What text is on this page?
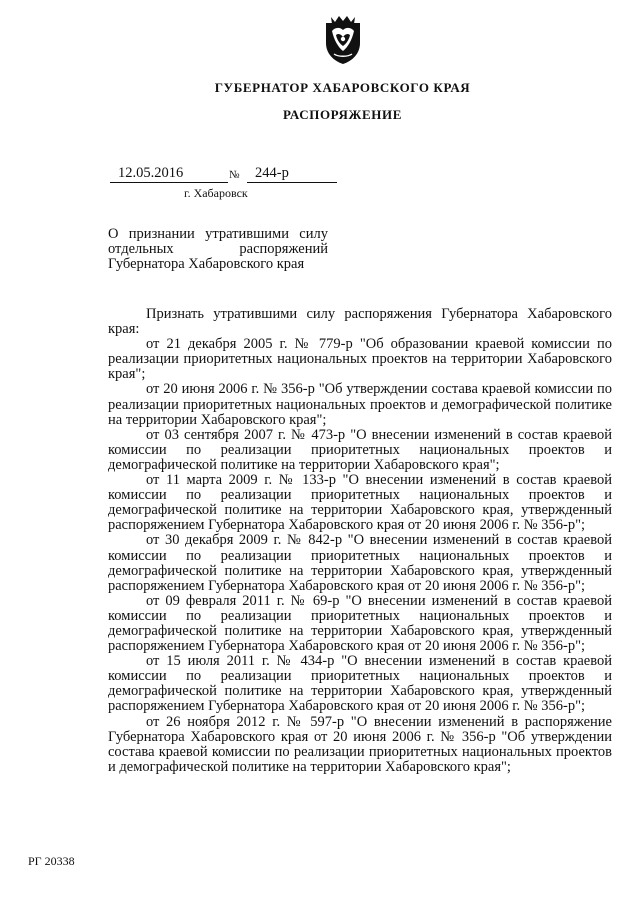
ГУБЕРНАТОР ХАБАРОВСКОГО КРАЯ
РАСПОРЯЖЕНИЕ
12.05.2016	№	244-р
г. Хабаровск
О признании утратившими силу отдельных распоряжений Губернатора Хабаровского края

Признать утратившими силу распоряжения Губернатора Хабаровского края:

от 21 декабря 2005 г. № 779-р "Об образовании краевой комиссии по реализации приоритетных национальных проектов на территории Хабаровского края";

от 20 июня 2006 г. № 356-р "Об утверждении состава краевой комиссии по реализации приоритетных национальных проектов и демографической политике на территории Хабаровского края";

от 03 сентября 2007 г. № 473-р "О внесении изменений в состав краевой комиссии по реализации приоритетных национальных проектов и демографической политике на территории Хабаровского края";

от 11 марта 2009 г. № 133-р "О внесении изменений в состав краевой комиссии по реализации приоритетных национальных проектов и демографической политике на территории Хабаровского края, утвержденный распоряжением Губернатора Хабаровского края от 20 июня 2006 г. № 356-р";

от 30 декабря 2009 г. № 842-р "О внесении изменений в состав краевой комиссии по реализации приоритетных национальных проектов и демографической политике на территории Хабаровского края, утвержденный распоряжением Губернатора Хабаровского края от 20 июня 2006 г. № 356-р";

от 09 февраля 2011 г. № 69-р "О внесении изменений в состав краевой комиссии по реализации приоритетных национальных проектов и демографической политике на территории Хабаровского края, утвержденный распоряжением Губернатора Хабаровского края от 20 июня 2006 г. № 356-р";

от 15 июля 2011 г. № 434-р "О внесении изменений в состав краевой комиссии по реализации приоритетных национальных проектов и демографической политике на территории Хабаровского края, утвержденный распоряжением Губернатора Хабаровского края от 20 июня 2006 г. № 356-р";

от 26 ноября 2012 г. № 597-р "О внесении изменений в распоряжение Губернатора Хабаровского края от 20 июня 2006 г. № 356-р "Об утверждении состава краевой комиссии по реализации приоритетных национальных проектов и демографической политике на территории Хабаровского края";

РГ 20338
